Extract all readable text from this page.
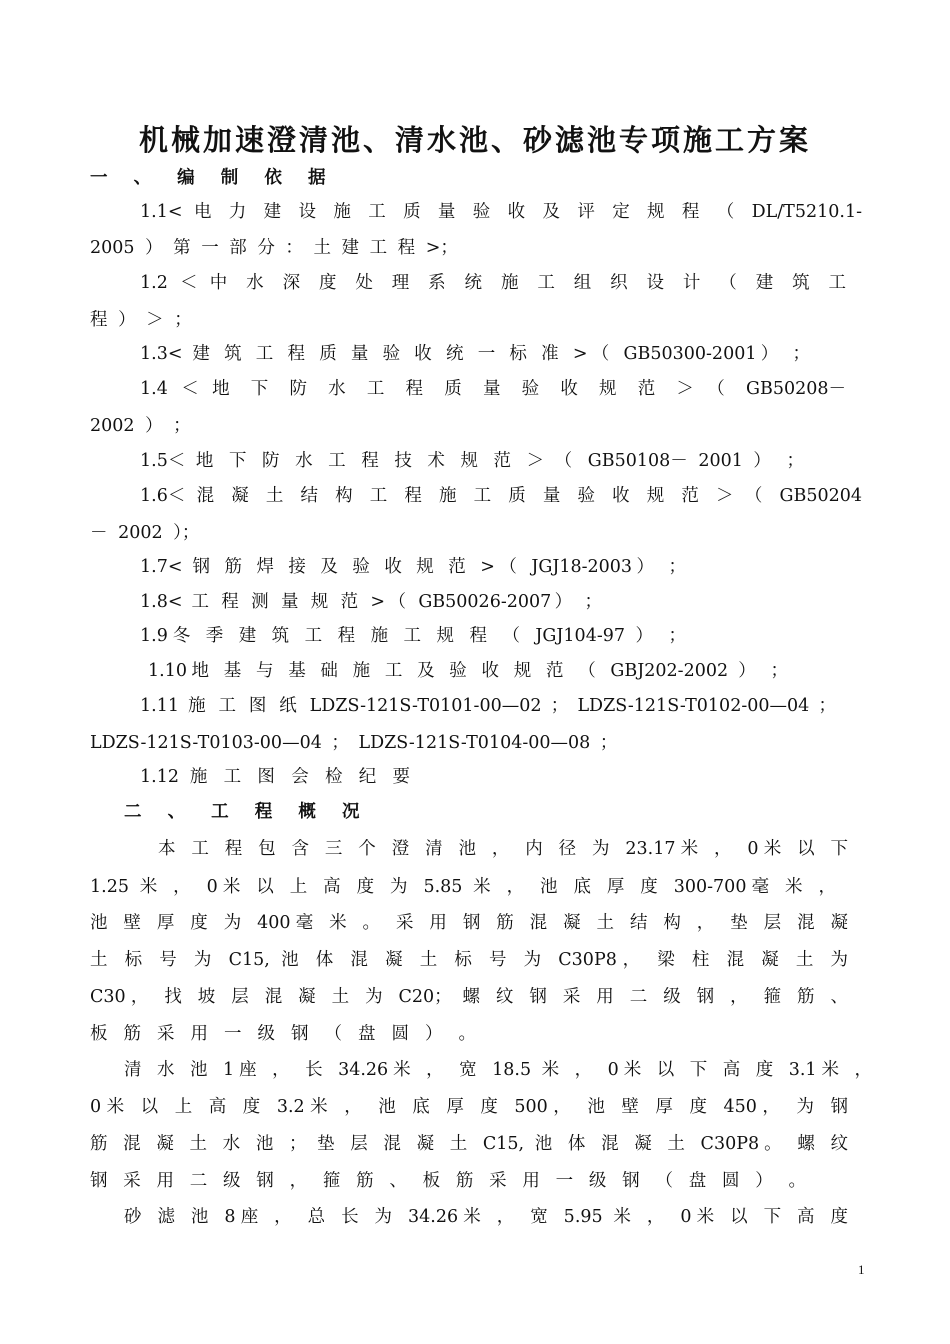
机械加速澄清池、清水池、砂滤池专项施工方案
一 、 编 制 依 据
1.1< 电 力 建 设 施 工 质 量 验 收 及 评 定 规 程 （ DL/T5210.1-
2005 ） 第 一 部 分 ： 土 建 工 程 >；
1.2 ＜ 中 水 深 度 处 理 系 统 施 工 组 织 设 计 （ 建 筑 工
程 ） ＞ ；
1.3< 建 筑 工 程 质 量 验 收 统 一 标 准 >（ GB50300-2001） ；
1.4 ＜ 地 下 防 水 工 程 质 量 验 收 规 范 ＞ （ GB50208－
2002 ） ；
1.5＜ 地 下 防 水 工 程 技 术 规 范 ＞ （ GB50108－ 2001 ） ；
1.6＜ 混 凝 土 结 构 工 程 施 工 质 量 验 收 规 范 ＞ （ GB50204
－ 2002 ）；
1.7< 钢 筋 焊 接 及 验 收 规 范 >（ JGJ18-2003） ；
1.8< 工 程 测 量 规 范 >（ GB50026-2007） ；
1.9冬 季 建 筑 工 程 施 工 规 程 （ JGJ104-97 ） ；
1.10地 基 与 基 础 施 工 及 验 收 规 范 （ GBJ202-2002 ） ；
1.11 施 工 图 纸 LDZS-121S-T0101-00—02 ； LDZS-121S-T0102-00—04 ；
LDZS-121S-T0103-00—04 ； LDZS-121S-T0104-00—08 ；
1.12 施 工 图 会 检 纪 要
二 、 工 程 概 况
本 工 程 包 含 三 个 澄 清 池 ， 内 径 为 23.17米 ， 0米 以 下
1.25 米 ， 0米 以 上 高 度 为 5.85 米 ， 池 底 厚 度 300-700毫 米 ，
池 壁 厚 度 为 400毫 米 。 采 用 钢 筋 混 凝 土 结 构 ， 垫 层 混 凝
土 标 号 为 C15, 池 体 混 凝 土 标 号 为 C30P8， 梁 柱 混 凝 土 为
C30， 找 坡 层 混 凝 土 为 C20； 螺 纹 钢 采 用 二 级 钢 ， 箍 筋 、
板 筋 采 用 一 级 钢 （ 盘 圆 ） 。
清 水 池 1座 ， 长 34.26米 ， 宽 18.5 米 ， 0米 以 下 高 度 3.1米 ，
0米 以 上 高 度 3.2米 ， 池 底 厚 度 500， 池 壁 厚 度 450， 为 钢
筋 混 凝 土 水 池 ； 垫 层 混 凝 土 C15, 池 体 混 凝 土 C30P8。 螺 纹
钢 采 用 二 级 钢 ， 箍 筋 、 板 筋 采 用 一 级 钢 （ 盘 圆 ） 。
砂 滤 池 8座 ， 总 长 为 34.26米 ， 宽 5.95 米 ， 0米 以 下 高 度
1
